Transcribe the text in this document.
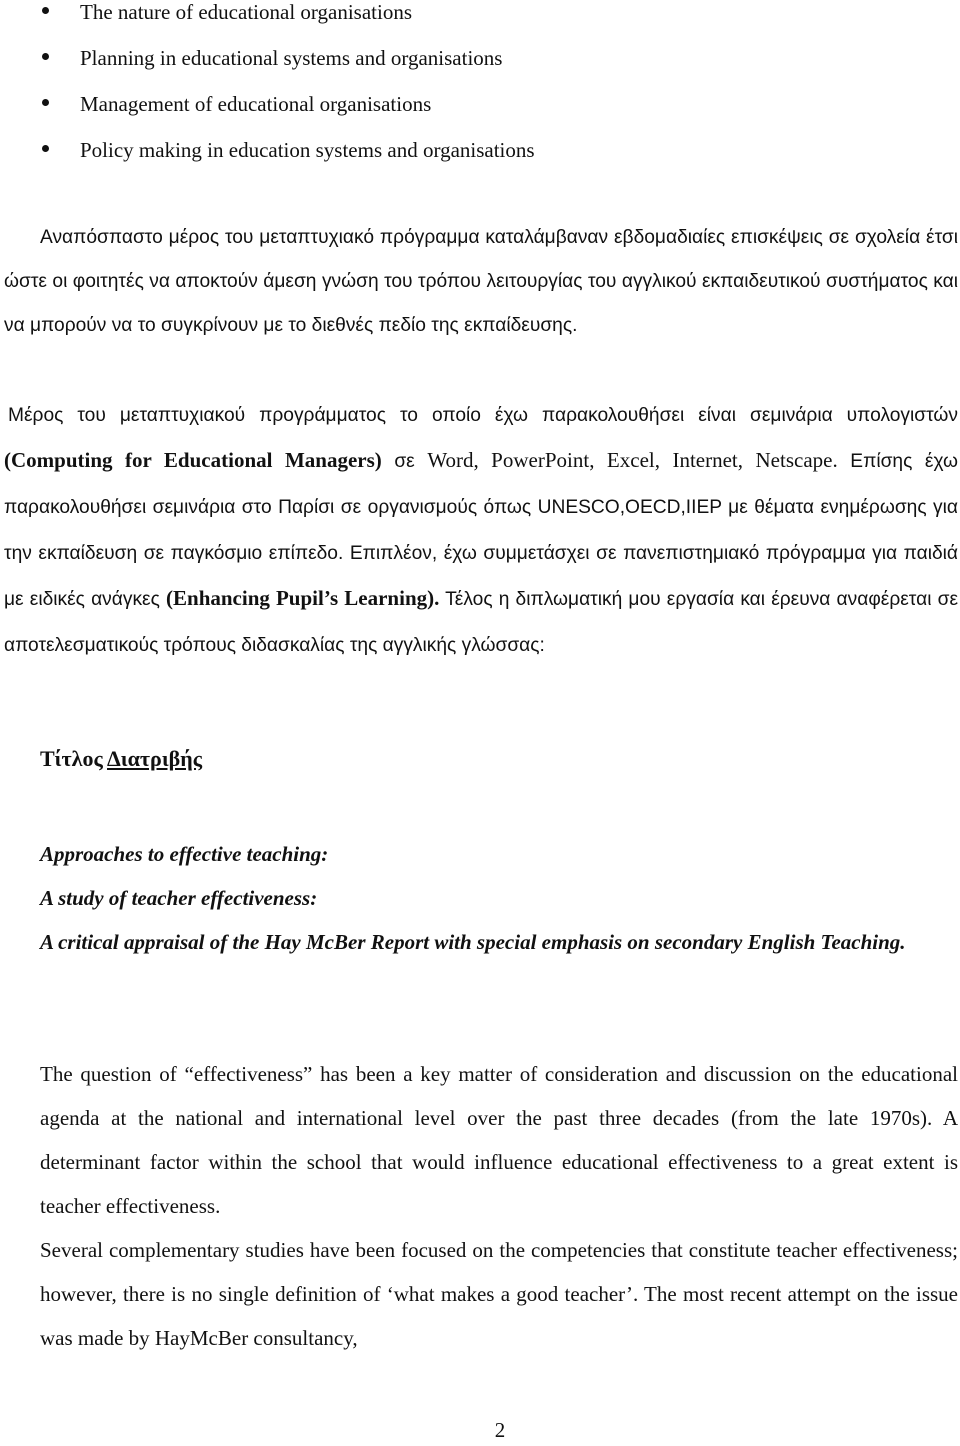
The nature of educational organisations
Planning in educational systems and organisations
Management of educational organisations
Policy making in education systems and organisations
Αναπόσπαστο μέρος του μεταπτυχιακό πρόγραμμα καταλάμβαναν εβδομαδιαίες επισκέψεις σε σχολεία έτσι ώστε οι φοιτητές να αποκτούν άμεση γνώση του τρόπου λειτουργίας του αγγλικού εκπαιδευτικού συστήματος και να μπορούν να το συγκρίνουν με το διεθνές πεδίο της εκπαίδευσης.

Μέρος του μεταπτυχιακού προγράμματος το οποίο έχω παρακολουθήσει είναι σεμινάρια υπολογιστών (Computing for Educational Managers) σε Word, PowerPoint, Excel, Internet, Netscape. Επίσης έχω παρακολουθήσει σεμινάρια στο Παρίσι σε οργανισμούς όπως UNESCO,OECD,IIEP με θέματα ενημέρωσης για την εκπαίδευση σε παγκόσμιο επίπεδο. Επιπλέον, έχω συμμετάσχει σε πανεπιστημιακό πρόγραμμα για παιδιά με ειδικές ανάγκες (Enhancing Pupil’s Learning). Τέλος η διπλωματική μου εργασία και έρευνα αναφέρεται σε αποτελεσματικούς τρόπους διδασκαλίας της αγγλικής γλώσσας:

Τίτλος Διατριβής
Approaches to effective teaching:
A study of teacher effectiveness:
A critical appraisal of the Hay McBer Report with special emphasis on secondary English Teaching.

The question of “effectiveness” has been a key matter of consideration and discussion on the educational agenda at the national and international level over the past three decades (from the late 1970s). A determinant factor within the school that would influence educational effectiveness to a great extent is teacher effectiveness.

Several complementary studies have been focused on the competencies that constitute teacher effectiveness; however, there is no single definition of ‘what makes a good teacher’. The most recent attempt on the issue was made by HayMcBer consultancy,

2
